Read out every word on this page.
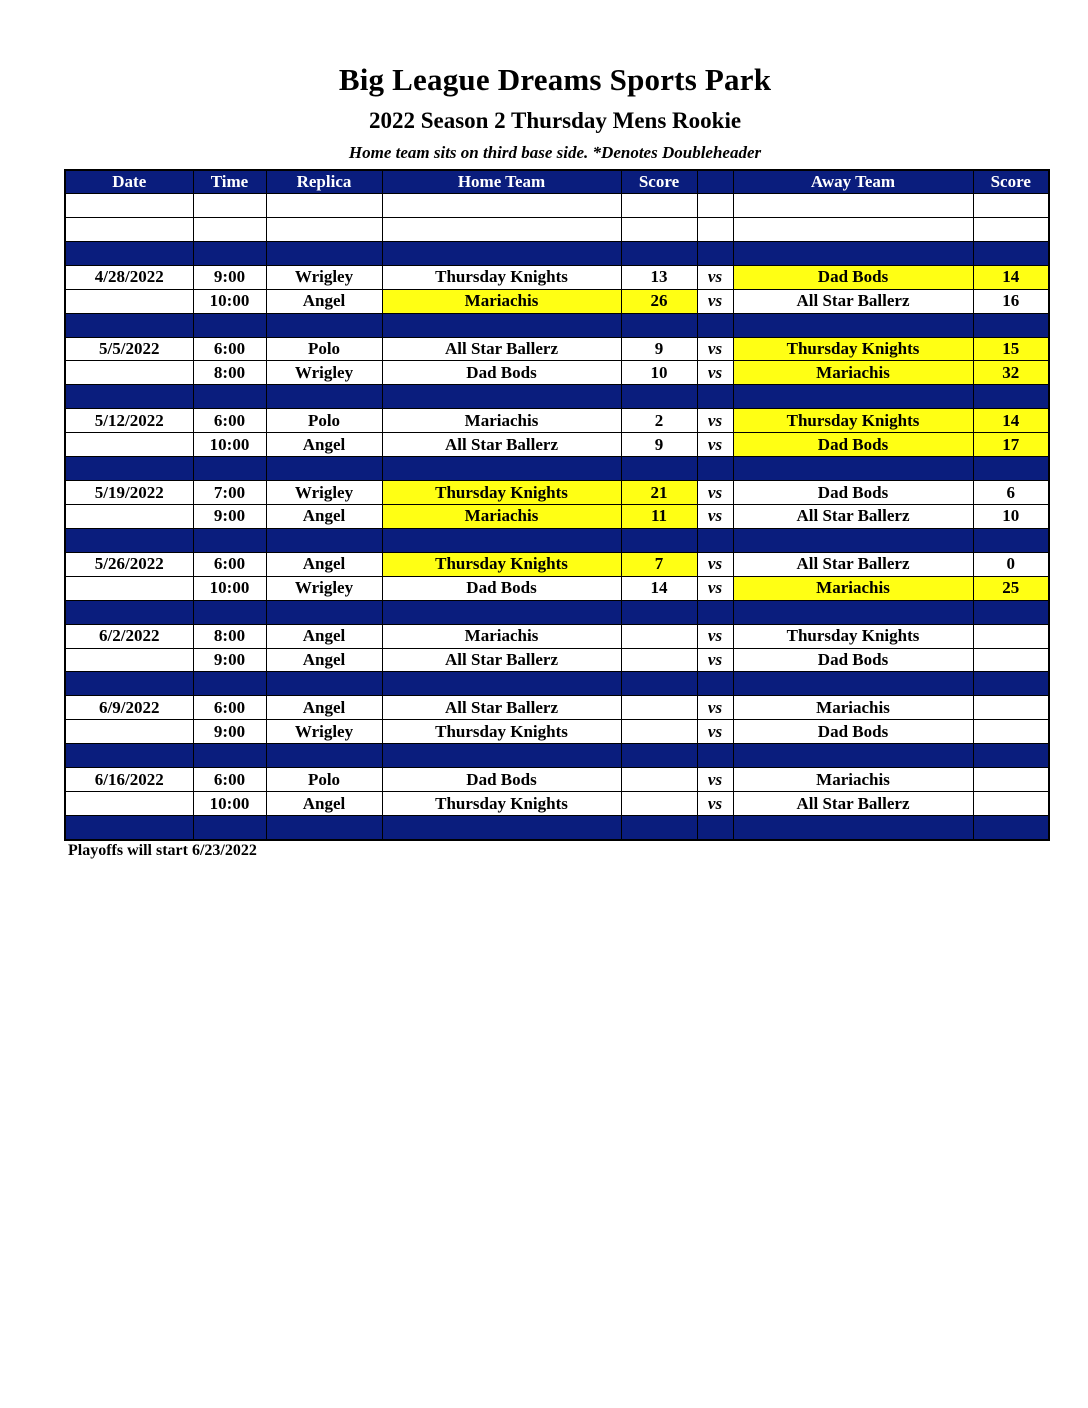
Big League Dreams Sports Park
2022 Season 2 Thursday Mens Rookie
Home team sits on third base side. *Denotes Doubleheader
Date	Time	Replica	Home Team	Score		Away Team	Score

4/28/2022	9:00	Wrigley	Thursday Knights	13	vs	Dad Bods	14
	10:00	Angel	Mariachis	26	vs	All Star Ballerz	16

5/5/2022	6:00	Polo	All Star Ballerz	9	vs	Thursday Knights	15
	8:00	Wrigley	Dad Bods	10	vs	Mariachis	32

5/12/2022	6:00	Polo	Mariachis	2	vs	Thursday Knights	14
	10:00	Angel	All Star Ballerz	9	vs	Dad Bods	17

5/19/2022	7:00	Wrigley	Thursday Knights	21	vs	Dad Bods	6
	9:00	Angel	Mariachis	11	vs	All Star Ballerz	10

5/26/2022	6:00	Angel	Thursday Knights	7	vs	All Star Ballerz	0
	10:00	Wrigley	Dad Bods	14	vs	Mariachis	25

6/2/2022	8:00	Angel	Mariachis		vs	Thursday Knights	
	9:00	Angel	All Star Ballerz		vs	Dad Bods	

6/9/2022	6:00	Angel	All Star Ballerz		vs	Mariachis	
	9:00	Wrigley	Thursday Knights		vs	Dad Bods	

6/16/2022	6:00	Polo	Dad Bods		vs	Mariachis	
	10:00	Angel	Thursday Knights		vs	All Star Ballerz	

Playoffs will start 6/23/2022
